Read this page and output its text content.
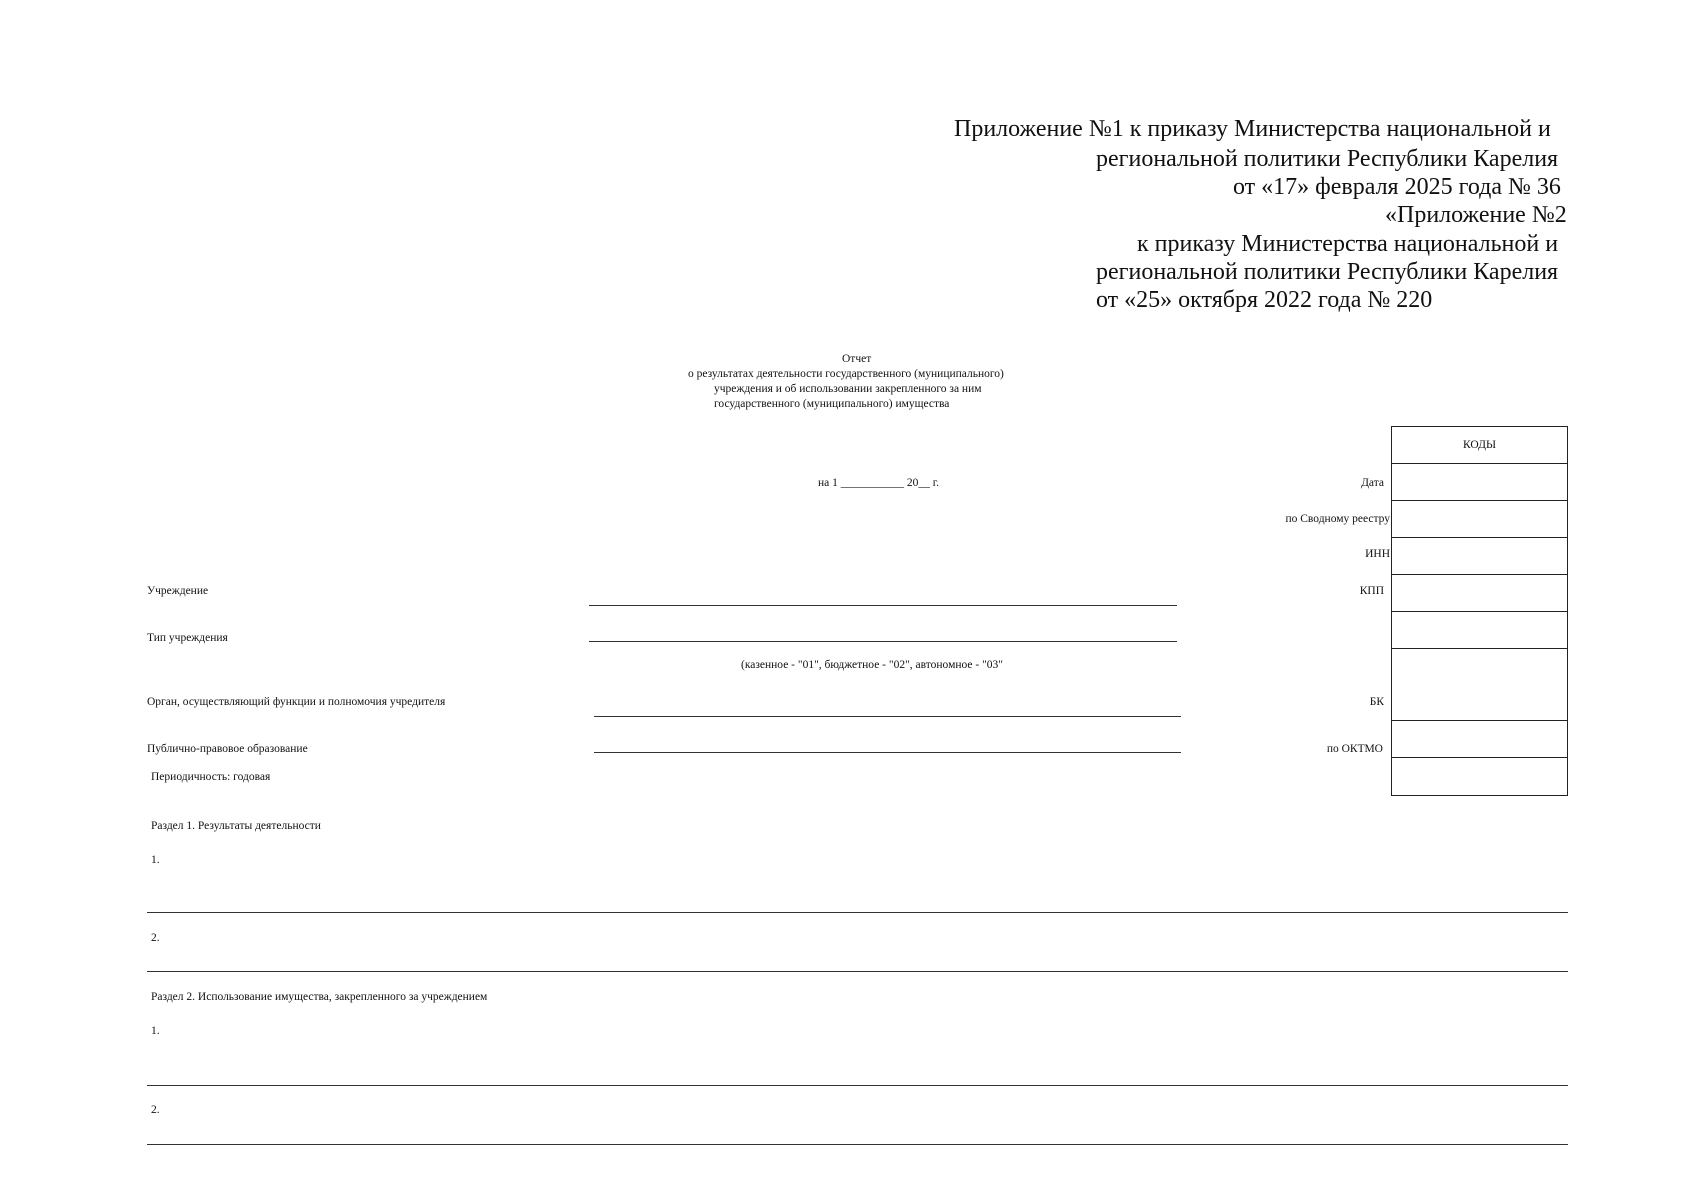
Приложение №1 к приказу Министерства национальной и
региональной политики Республики Карелия
от «17» февраля 2025 года № 36
«Приложение №2
к приказу Министерства национальной и
региональной политики Республики Карелия
от «25» октября 2022 года № 220
Отчет
о результатах деятельности государственного (муниципального)
учреждения и об использовании закрепленного за ним
государственного (муниципального) имущества
на 1 ___________ 20__ г.
КОДЫ
Дата
по Сводному реестру
ИНН
КПП
БК
по ОКТМО
Учреждение
Тип учреждения
(казенное - "01", бюджетное - "02", автономное - "03"
Орган, осуществляющий функции и полномочия учредителя
Публично-правовое образование
Периодичность: годовая
Раздел 1. Результаты деятельности
1.
2.
Раздел 2. Использование имущества, закрепленного за учреждением
1.
2.
